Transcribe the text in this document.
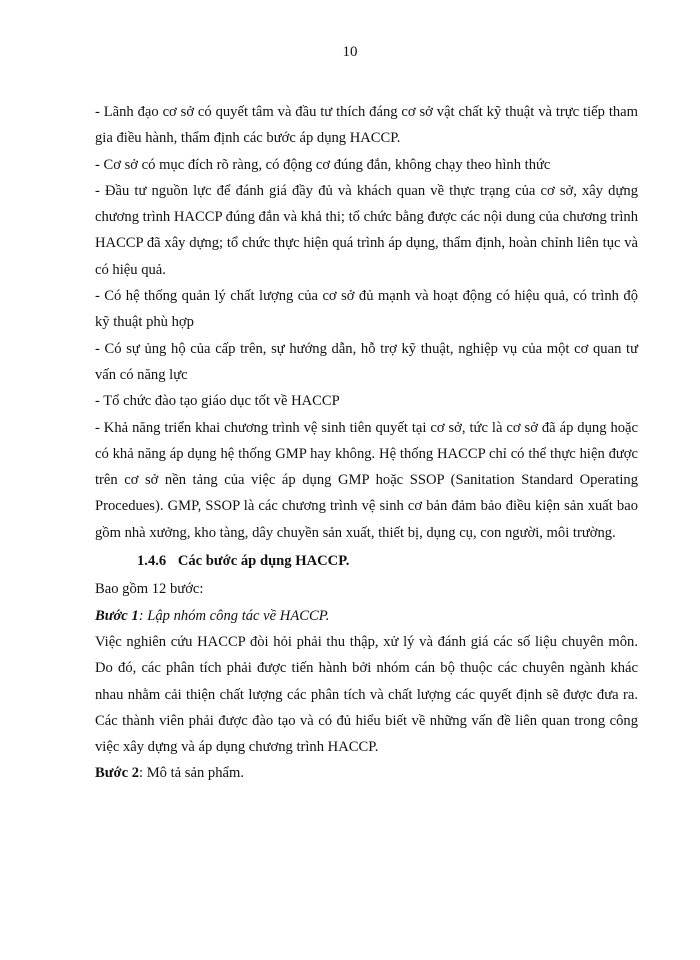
10

- Lãnh đạo cơ sở có quyết tâm và đầu tư thích đáng cơ sở vật chất kỹ thuật và trực tiếp tham gia điều hành, thẩm định các bước áp dụng HACCP.

- Cơ sở có mục đích rõ ràng, có động cơ đúng đắn, không chạy theo hình thức

- Đầu tư nguồn lực để đánh giá đầy đủ và khách quan về thực trạng của cơ sở, xây dựng chương trình HACCP đúng đắn và khả thi; tổ chức bằng được các nội dung của chương trình HACCP đã xây dựng; tổ chức thực hiện quá trình áp dụng, thẩm định, hoàn chỉnh liên tục và có hiệu quả.

- Có hệ thống quản lý chất lượng của cơ sở đủ mạnh và hoạt động có hiệu quả, có trình độ kỹ thuật phù hợp

- Có sự ủng hộ của cấp trên, sự hướng dẫn, hỗ trợ kỹ thuật, nghiệp vụ của một cơ quan tư vấn có năng lực

- Tổ chức đào tạo giáo dục tốt về HACCP

- Khả năng triển khai chương trình vệ sinh tiên quyết tại cơ sở, tức là cơ sở đã áp dụng hoặc có khả năng áp dụng hệ thống GMP hay không. Hệ thống HACCP chỉ có thể thực hiện được trên cơ sở nền tảng của việc áp dụng GMP hoặc SSOP (Sanitation Standard Operating Procedues). GMP, SSOP là các chương trình vệ sinh cơ bản đảm bảo điều kiện sản xuất bao gồm nhà xưởng, kho tàng, dây chuyền sản xuất, thiết bị, dụng cụ, con người, môi trường.

1.4.6 Các bước áp dụng HACCP.

Bao gồm 12 bước:

Bước 1: Lập nhóm công tác về HACCP.

Việc nghiên cứu HACCP đòi hỏi phải thu thập, xử lý và đánh giá các số liệu chuyên môn. Do đó, các phân tích phải được tiến hành bởi nhóm cán bộ thuộc các chuyên ngành khác nhau nhằm cải thiện chất lượng các phân tích và chất lượng các quyết định sẽ được đưa ra. Các thành viên phải được đào tạo và có đủ hiểu biết về những vấn đề liên quan trong công việc xây dựng và áp dụng chương trình HACCP.

Bước 2: Mô tả sản phẩm.
